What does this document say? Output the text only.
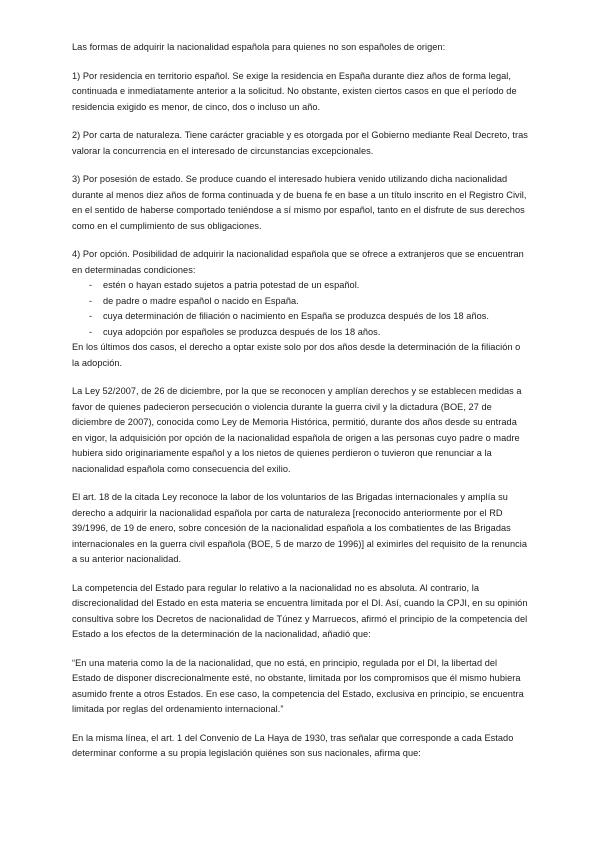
Las formas de adquirir la nacionalidad española para quienes no son españoles de origen:

1) Por residencia en territorio español. Se exige la residencia en España durante diez años de forma legal, continuada e inmediatamente anterior a la solicitud. No obstante, existen ciertos casos en que el período de residencia exigido es menor, de cinco, dos o incluso un año.

2) Por carta de naturaleza. Tiene carácter graciable y es otorgada por el Gobierno mediante Real Decreto, tras valorar la concurrencia en el interesado de circunstancias excepcionales.

3) Por posesión de estado. Se produce cuando el interesado hubiera venido utilizando dicha nacionalidad durante al menos diez años de forma continuada y de buena fe en base a un título inscrito en el Registro Civil, en el sentido de haberse comportado teniéndose a sí mismo por español, tanto en el disfrute de sus derechos como en el cumplimiento de sus obligaciones.

4) Por opción. Posibilidad de adquirir la nacionalidad española que se ofrece a extranjeros que se encuentran en determinadas condiciones:
- estén o hayan estado sujetos a patria potestad de un español.
- de padre o madre español o nacido en España.
- cuya determinación de filiación o nacimiento en España se produzca después de los 18 años.
- cuya adopción por españoles se produzca después de los 18 años.

En los últimos dos casos, el derecho a optar existe solo por dos años desde la determinación de la filiación o la adopción.

La Ley 52/2007, de 26 de diciembre, por la que se reconocen y amplían derechos y se establecen medidas a favor de quienes padecieron persecución o violencia durante la guerra civil y la dictadura (BOE, 27 de diciembre de 2007), conocida como Ley de Memoria Histórica, permitió, durante dos años desde su entrada en vigor, la adquisición por opción de la nacionalidad española de origen a las personas cuyo padre o madre hubiera sido originariamente español y a los nietos de quienes perdieron o tuvieron que renunciar a la nacionalidad española como consecuencia del exilio.

El art. 18 de la citada Ley reconoce la labor de los voluntarios de las Brigadas internacionales y amplía su derecho a adquirir la nacionalidad española por carta de naturaleza [reconocido anteriormente por el RD 39/1996, de 19 de enero, sobre concesión de la nacionalidad española a los combatientes de las Brigadas internacionales en la guerra civil española (BOE, 5 de marzo de 1996)] al eximirles del requisito de la renuncia a su anterior nacionalidad.

La competencia del Estado para regular lo relativo a la nacionalidad no es absoluta. Al contrario, la discrecionalidad del Estado en esta materia se encuentra limitada por el DI. Así, cuando la CPJI, en su opinión consultiva sobre los Decretos de nacionalidad de Túnez y Marruecos, afirmó el principio de la competencia del Estado a los efectos de la determinación de la nacionalidad, añadió que:

“En una materia como la de la nacionalidad, que no está, en principio, regulada por el DI, la libertad del Estado de disponer discrecionalmente esté, no obstante, limitada por los compromisos que él mismo hubiera asumido frente a otros Estados. En ese caso, la competencia del Estado, exclusiva en principio, se encuentra limitada por reglas del ordenamiento internacional.”

En la misma línea, el art. 1 del Convenio de La Haya de 1930, tras señalar que corresponde a cada Estado determinar conforme a su propia legislación quiénes son sus nacionales, afirma que:
